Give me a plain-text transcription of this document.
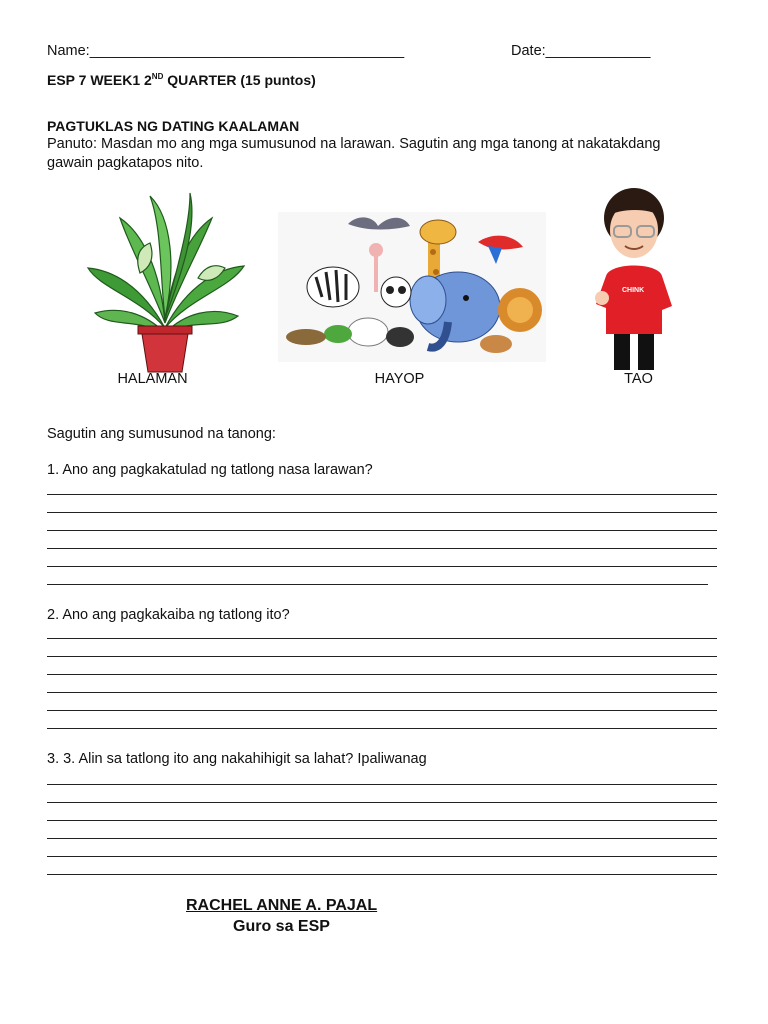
Name:_______________________________________	Date:_____________
ESP 7 WEEK1 2ND QUARTER (15 puntos)
PAGTUKLAS NG DATING KAALAMAN
Panuto: Masdan mo ang mga sumusunod na larawan. Sagutin ang mga tanong at nakatakdang
gawain pagkatapos nito.
CHINK
HALAMAN	HAYOP	TAO
Sagutin ang sumusunod na tanong:
1. Ano ang pagkakatulad ng tatlong nasa larawan?
2. Ano ang pagkakaiba ng tatlong ito?
3. 3. Alin sa tatlong ito ang nakahihigit sa lahat? Ipaliwanag
RACHEL ANNE A. PAJAL
Guro sa ESP
